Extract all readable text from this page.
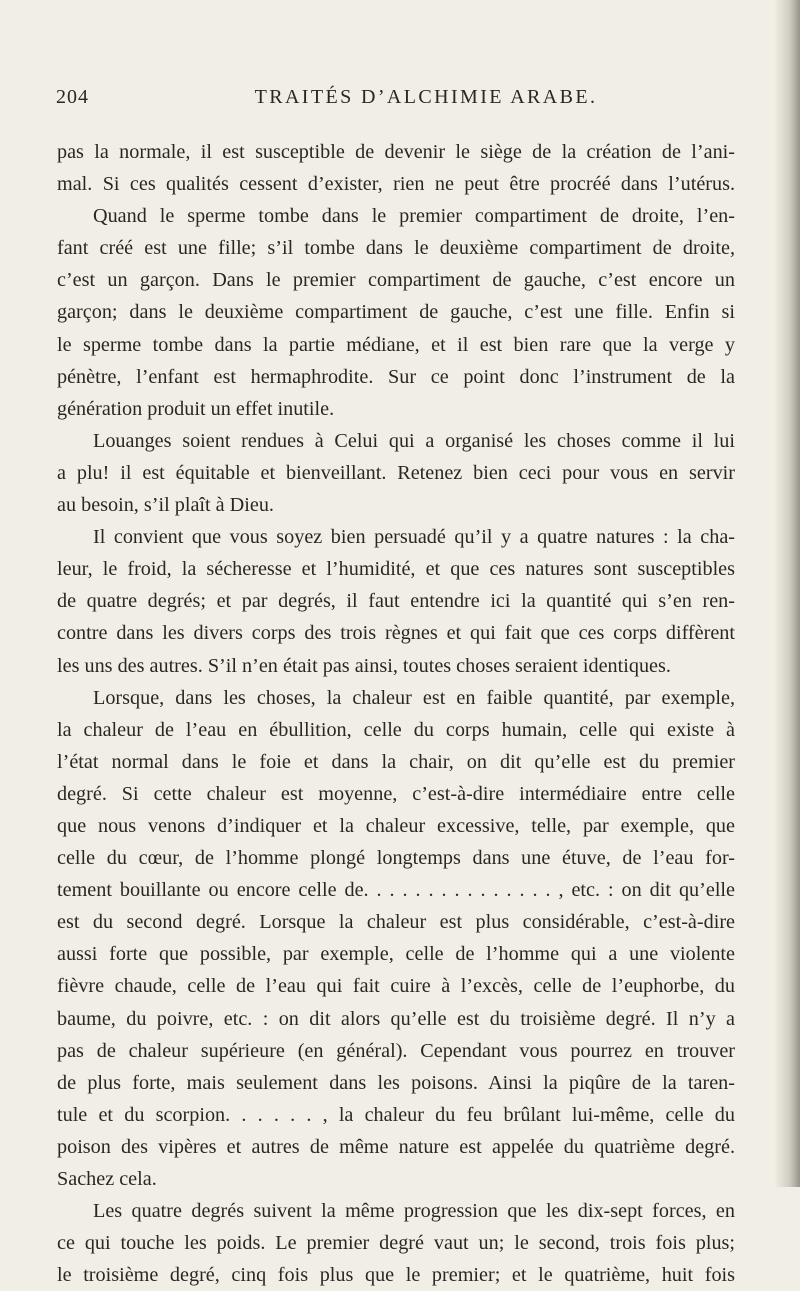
204	TRAITÉS D’ALCHIMIE ARABE.
pas la normale, il est susceptible de devenir le siège de la création de l’ani-
mal. Si ces qualités cessent d’exister, rien ne peut être procréé dans l’utérus.
Quand le sperme tombe dans le premier compartiment de droite, l’en-
fant créé est une fille; s’il tombe dans le deuxième compartiment de droite,
c’est un garçon. Dans le premier compartiment de gauche, c’est encore un
garçon; dans le deuxième compartiment de gauche, c’est une fille. Enfin si
le sperme tombe dans la partie médiane, et il est bien rare que la verge y
pénètre, l’enfant est hermaphrodite. Sur ce point donc l’instrument de la
génération produit un effet inutile.
Louanges soient rendues à Celui qui a organisé les choses comme il lui
a plu! il est équitable et bienveillant. Retenez bien ceci pour vous en servir
au besoin, s’il plaît à Dieu.
Il convient que vous soyez bien persuadé qu’il y a quatre natures : la cha-
leur, le froid, la sécheresse et l’humidité, et que ces natures sont susceptibles
de quatre degrés; et par degrés, il faut entendre ici la quantité qui s’en ren-
contre dans les divers corps des trois règnes et qui fait que ces corps diffèrent
les uns des autres. S’il n’en était pas ainsi, toutes choses seraient identiques.
Lorsque, dans les choses, la chaleur est en faible quantité, par exemple,
la chaleur de l’eau en ébullition, celle du corps humain, celle qui existe à
l’état normal dans le foie et dans la chair, on dit qu’elle est du premier
degré. Si cette chaleur est moyenne, c’est-à-dire intermédiaire entre celle
que nous venons d’indiquer et la chaleur excessive, telle, par exemple, que
celle du cœur, de l’homme plongé longtemps dans une étuve, de l’eau for-
tement bouillante ou encore celle de. . . . . . . . . . . . . . . , etc. : on dit qu’elle
est du second degré. Lorsque la chaleur est plus considérable, c’est-à-dire
aussi forte que possible, par exemple, celle de l’homme qui a une violente
fièvre chaude, celle de l’eau qui fait cuire à l’excès, celle de l’euphorbe, du
baume, du poivre, etc. : on dit alors qu’elle est du troisième degré. Il n’y a
pas de chaleur supérieure (en général). Cependant vous pourrez en trouver
de plus forte, mais seulement dans les poisons. Ainsi la piqûre de la taren-
tule et du scorpion. . . . . . , la chaleur du feu brûlant lui-même, celle du
poison des vipères et autres de même nature est appelée du quatrième degré.
Sachez cela.
Les quatre degrés suivent la même progression que les dix-sept forces, en
ce qui touche les poids. Le premier degré vaut un; le second, trois fois plus;
le troisième degré, cinq fois plus que le premier; et le quatrième, huit fois
